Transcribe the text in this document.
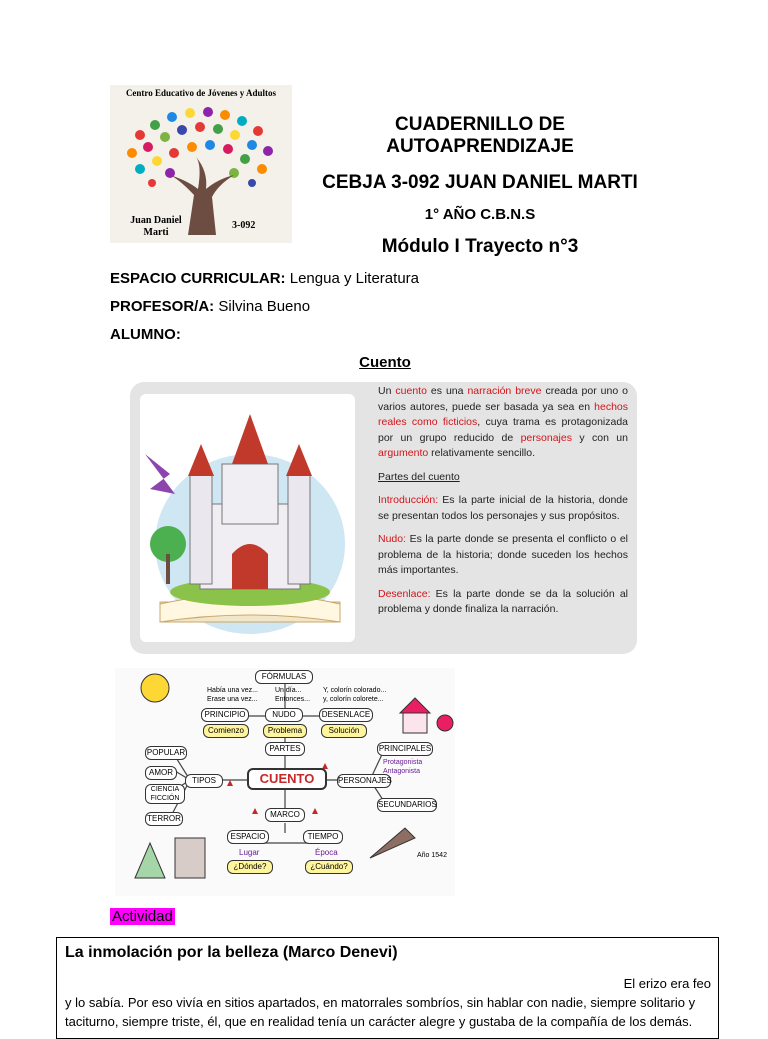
Centro Educativo de Jóvenes y Adultos
Juan Daniel
Marti
3-092
CUADERNILLO DE
AUTOAPRENDIZAJE
CEBJA 3-092 JUAN DANIEL MARTI
1° AÑO C.B.N.S
Módulo I Trayecto n°3
ESPACIO CURRICULAR: Lengua y Literatura
PROFESOR/A: Silvina Bueno
ALUMNO:
Cuento

Un cuento es una narración breve creada por uno o varios autores, puede ser basada ya sea en hechos reales como ficticios, cuya trama es protagonizada por un grupo reducido de personajes y con un argumento relativamente sencillo.

Partes del cuento

Introducción: Es la parte inicial de la historia, donde se presentan todos los personajes y sus propósitos.

Nudo: Es la parte donde se presenta el conflicto o el problema de la historia; donde suceden los hechos más importantes.

Desenlace: Es la parte donde se da la solución al problema y donde finaliza la narración.

FÓRMULAS
Había una vez...
Erase una vez...
Un día...
Entonces...
Y, colorín colorado...
y, colorín colorete...
PRINCIPIO	NUDO	DESENLACE
Comienzo	Problema	Solución
PARTES
CUENTO
TIPOS	PERSONAJES
POPULAR
AMOR
CIENCIA FICCIÓN
TERROR
PRINCIPALES
Protagonista
Antagonista
SECUNDARIOS
MARCO
ESPACIO	TIEMPO
Lugar
¿Dónde?
Época
¿Cuándo?
Año 1542
Actividad
La inmolación por la belleza (Marco Denevi)
El erizo era feo
y lo sabía. Por eso vivía en sitios apartados, en matorrales sombríos, sin hablar con nadie, siempre solitario y
taciturno, siempre triste, él, que en realidad tenía un carácter alegre y gustaba de la compañía de los demás.
